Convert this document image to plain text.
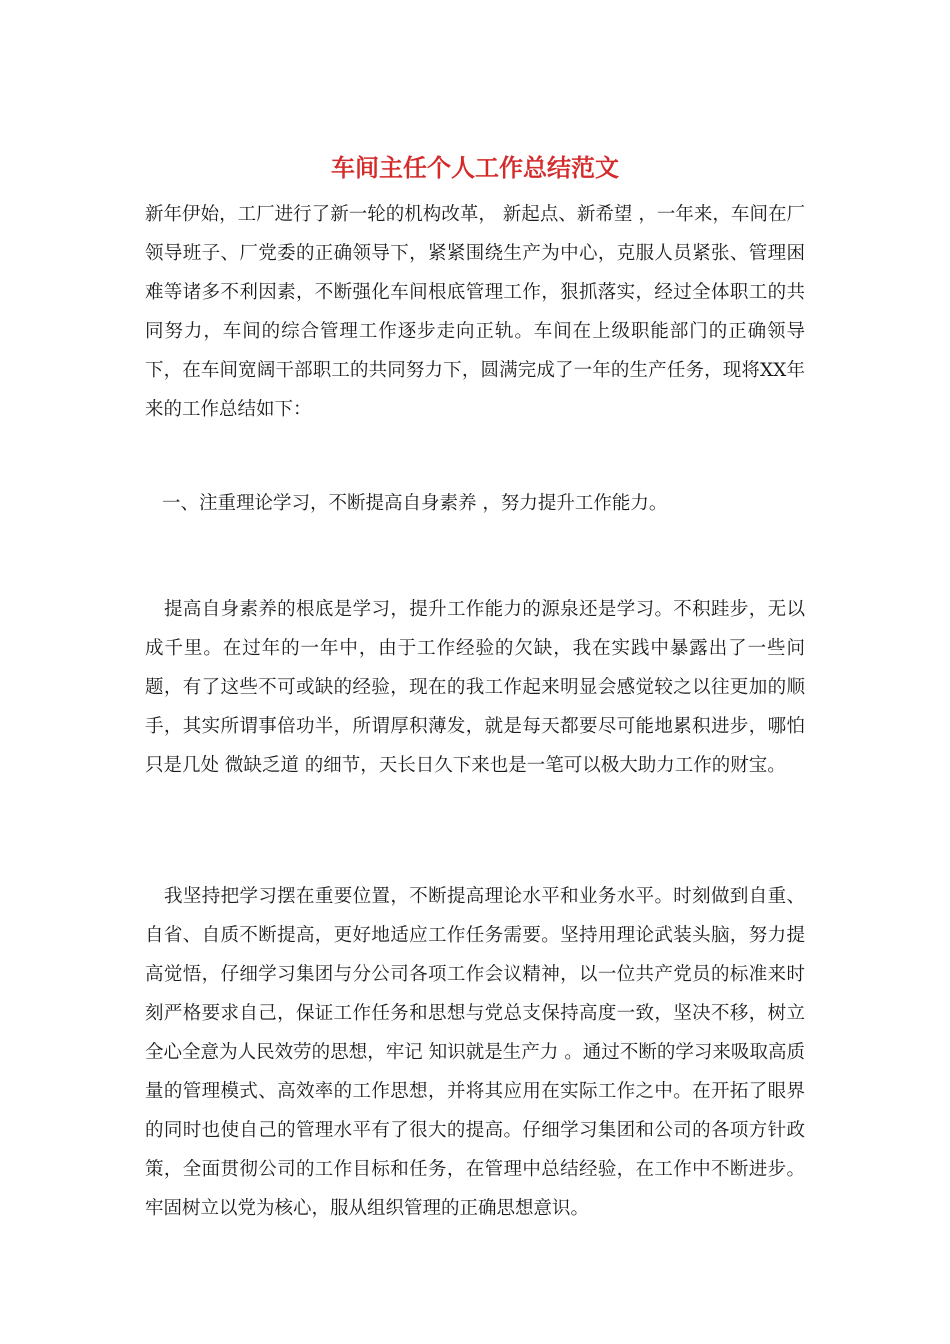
车间主任个人工作总结范文

新年伊始，工厂进行了新一轮的机构改革， 新起点、新希望 ，一年来，车间在厂领导班子、厂党委的正确领导下，紧紧围绕生产为中心，克服人员紧张、管理困难等诸多不利因素，不断强化车间根底管理工作，狠抓落实，经过全体职工的共同努力，车间的综合管理工作逐步走向正轨。车间在上级职能部门的正确领导下，在车间宽阔干部职工的共同努力下，圆满完成了一年的生产任务，现将XX年来的工作总结如下：

一、注重理论学习，不断提高自身素养 ，努力提升工作能力。

提高自身素养的根底是学习，提升工作能力的源泉还是学习。不积跬步，无以成千里。在过年的一年中，由于工作经验的欠缺，我在实践中暴露出了一些问题，有了这些不可或缺的经验，现在的我工作起来明显会感觉较之以往更加的顺手，其实所谓事倍功半，所谓厚积薄发，就是每天都要尽可能地累积进步，哪怕只是几处 微缺乏道 的细节，天长日久下来也是一笔可以极大助力工作的财宝。

我坚持把学习摆在重要位置，不断提高理论水平和业务水平。时刻做到自重、自省、自质不断提高，更好地适应工作任务需要。坚持用理论武装头脑，努力提高觉悟，仔细学习集团与分公司各项工作会议精神，以一位共产党员的标准来时刻严格要求自己，保证工作任务和思想与党总支保持高度一致，坚决不移，树立全心全意为人民效劳的思想，牢记 知识就是生产力 。通过不断的学习来吸取高质量的管理模式、高效率的工作思想，并将其应用在实际工作之中。在开拓了眼界的同时也使自己的管理水平有了很大的提高。仔细学习集团和公司的各项方针政策，全面贯彻公司的工作目标和任务，在管理中总结经验，在工作中不断进步。牢固树立以党为核心，服从组织管理的正确思想意识。
